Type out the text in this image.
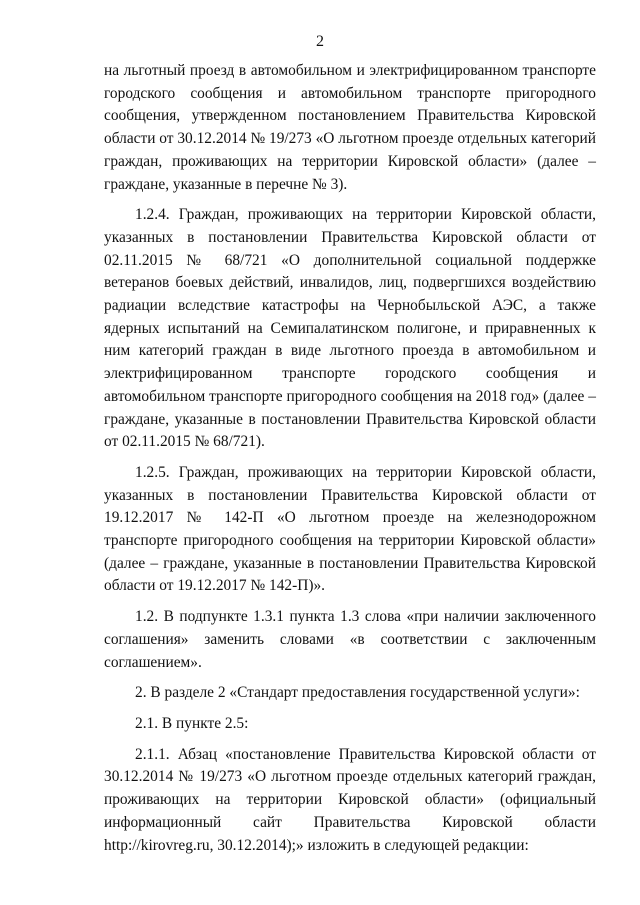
2

на льготный проезд в автомобильном и электрифицированном транспорте городского сообщения и автомобильном транспорте пригородного сообщения, утвержденном постановлением Правительства Кировской области от 30.12.2014 № 19/273 «О льготном проезде отдельных категорий граждан, проживающих на территории Кировской области» (далее – граждане, указанные в перечне № 3).

1.2.4. Граждан, проживающих на территории Кировской области, указанных в постановлении Правительства Кировской области от 02.11.2015 № 68/721 «О дополнительной социальной поддержке ветеранов боевых действий, инвалидов, лиц, подвергшихся воздействию радиации вследствие катастрофы на Чернобыльской АЭС, а также ядерных испытаний на Семипалатинском полигоне, и приравненных к ним категорий граждан в виде льготного проезда в автомобильном и электрифицированном транспорте городского сообщения и автомобильном транспорте пригородного сообщения на 2018 год» (далее – граждане, указанные в постановлении Правительства Кировской области от 02.11.2015 № 68/721).

1.2.5. Граждан, проживающих на территории Кировской области, указанных в постановлении Правительства Кировской области от 19.12.2017 № 142-П «О льготном проезде на железнодорожном транспорте пригородного сообщения на территории Кировской области» (далее – граждане, указанные в постановлении Правительства Кировской области от 19.12.2017 № 142-П)».

1.2. В подпункте 1.3.1 пункта 1.3 слова «при наличии заключенного соглашения» заменить словами «в соответствии с заключенным соглашением».

2. В разделе 2 «Стандарт предоставления государственной услуги»:

2.1. В пункте 2.5:

2.1.1. Абзац «постановление Правительства Кировской области от 30.12.2014 № 19/273 «О льготном проезде отдельных категорий граждан, проживающих на территории Кировской области» (официальный информационный сайт Правительства Кировской области http://kirovreg.ru, 30.12.2014);» изложить в следующей редакции:
